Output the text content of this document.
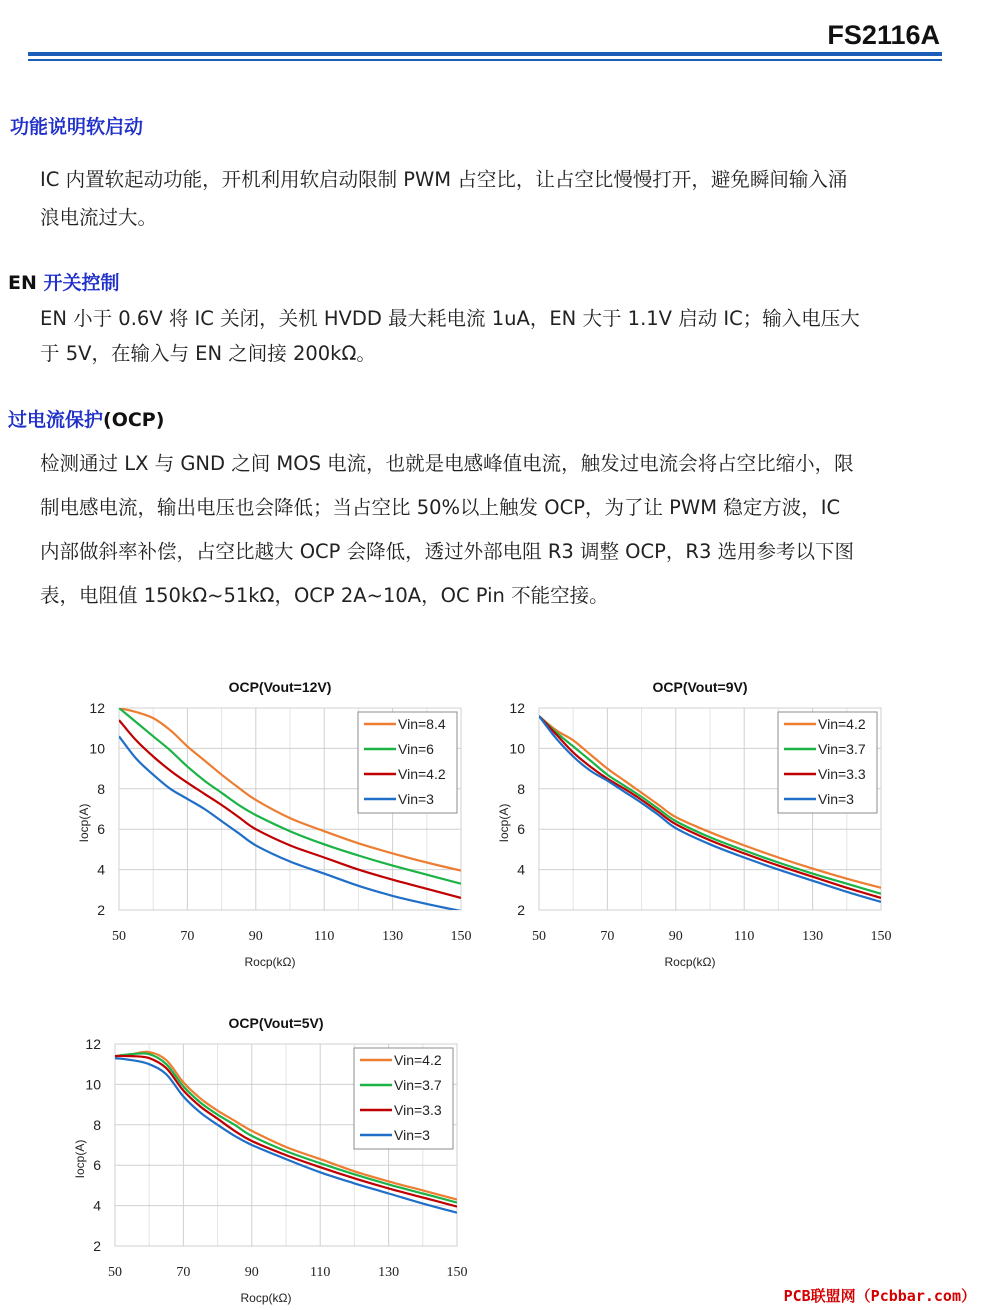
FS2116A
功能说明软启动
IC 内置软起动功能，开机利用软启动限制 PWM 占空比，让占空比慢慢打开，避免瞬间输入涌
浪电流过大。
EN 开关控制
EN 小于 0.6V 将 IC 关闭，关机 HVDD 最大耗电流 1uA，EN 大于 1.1V 启动 IC；输入电压大
于 5V，在输入与 EN 之间接 200kΩ。
过电流保护(OCP)
检测通过 LX 与 GND 之间 MOS 电流，也就是电感峰值电流，触发过电流会将占空比缩小，限
制电感电流，输出电压也会降低；当占空比 50%以上触发 OCP，为了让 PWM 稳定方波，IC
内部做斜率补偿，占空比越大 OCP 会降低，透过外部电阻 R3 调整 OCP，R3 选用参考以下图
表，电阻值 150kΩ~51kΩ，OCP 2A~10A，OC Pin 不能空接。
OCP(Vout=12V)
50	70	90	110	130	150
2
4
6
8
10
12
Rocp(kΩ)
Iocp(A)
Vin=8.4
Vin=6
Vin=4.2
Vin=3
OCP(Vout=9V)
50	70	90	110	130	150
2
4
6
8
10
12
Rocp(kΩ)
Iocp(A)
Vin=4.2
Vin=3.7
Vin=3.3
Vin=3
OCP(Vout=5V)
50	70	90	110	130	150
2
4
6
8
10
12
Rocp(kΩ)
Iocp(A)
Vin=4.2
Vin=3.7
Vin=3.3
Vin=3
PCB联盟网（Pcbbar.com）
